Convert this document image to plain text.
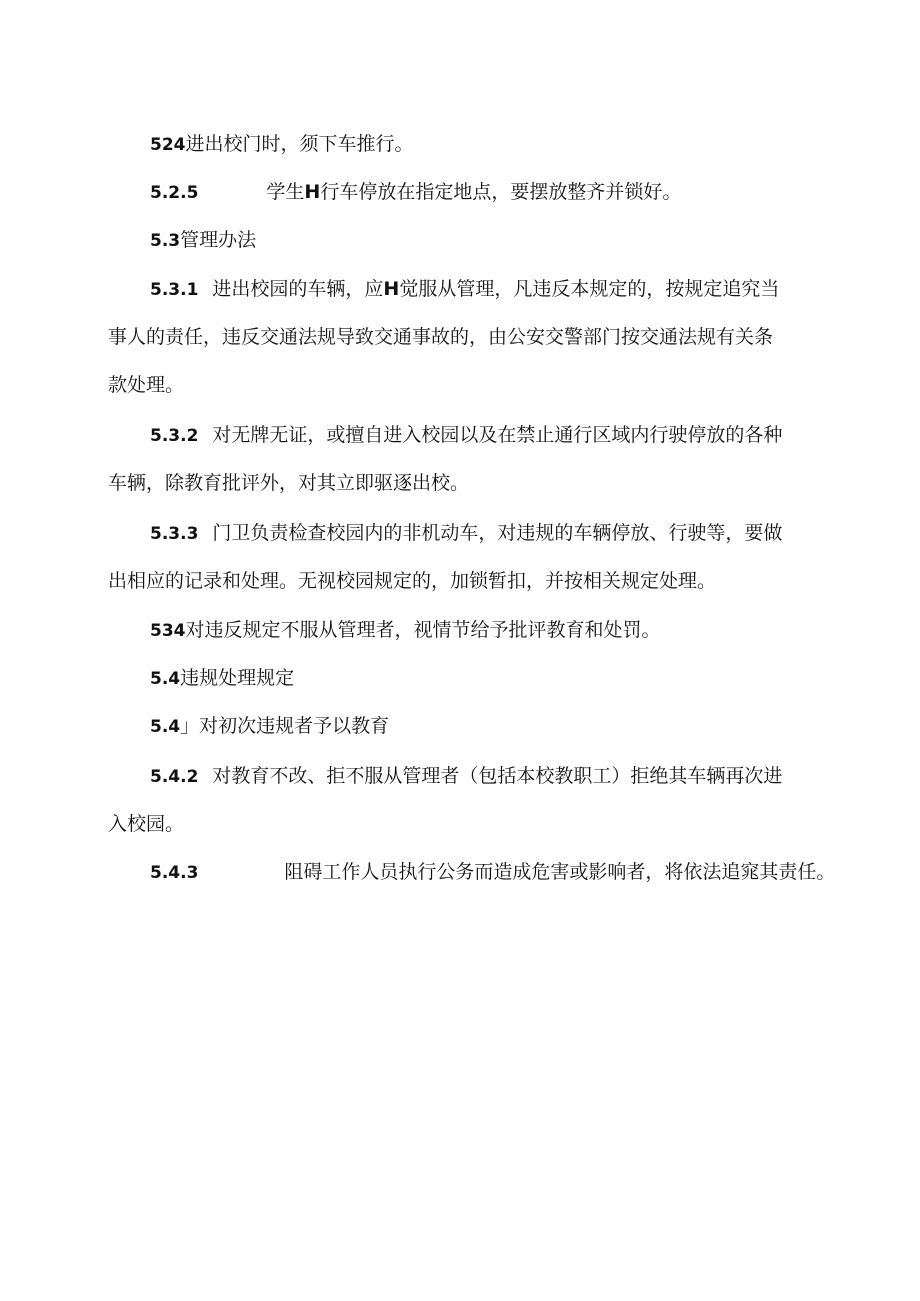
524进出校门时，须下车推行。

5.2.5	学生H行车停放在指定地点，要摆放整齐并锁好。

5.3管理办法

5.3.1 进出校园的车辆，应H觉服从管理，凡违反本规定的，按规定追究当
事人的责任，违反交通法规导致交通事故的，由公安交警部门按交通法规有关条
款处理。

5.3.2 对无牌无证，或擅自进入校园以及在禁止通行区域内行驶停放的各种
车辆，除教育批评外，对其立即驱逐出校。

5.3.3 门卫负责检查校园内的非机动车，对违规的车辆停放、行驶等，要做
出相应的记录和处理。无视校园规定的，加锁暂扣，并按相关规定处理。

534对违反规定不服从管理者，视情节给予批评教育和处罚。

5.4违规处理规定

5.4」对初次违规者予以教育

5.4.2 对教育不改、拒不服从管理者（包括本校教职工）拒绝其车辆再次进
入校园。

5.4.3	阻碍工作人员执行公务而造成危害或影响者，将依法追窕其责任。
